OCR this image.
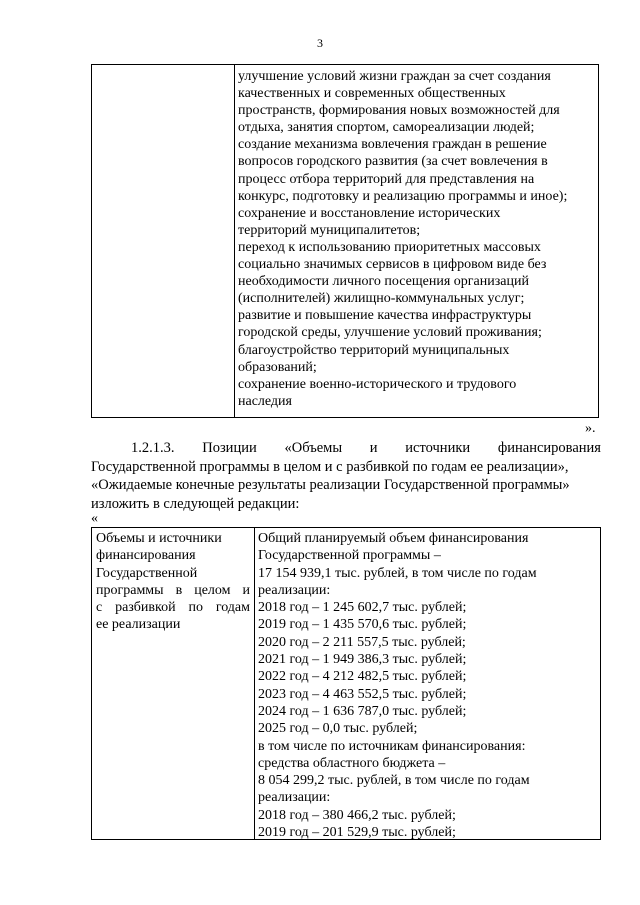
3
улучшение условий жизни граждан за счет создания
качественных и современных общественных
пространств, формирования новых возможностей для
отдыха, занятия спортом, самореализации людей;
создание механизма вовлечения граждан в решение
вопросов городского развития (за счет вовлечения в
процесс отбора территорий для представления на
конкурс, подготовку и реализацию программы и иное);
сохранение и восстановление исторических
территорий муниципалитетов;
переход к использованию приоритетных массовых
социально значимых сервисов в цифровом виде без
необходимости личного посещения организаций
(исполнителей) жилищно-коммунальных услуг;
развитие и повышение качества инфраструктуры
городской среды, улучшение условий проживания;
благоустройство территорий муниципальных
образований;
сохранение военно-исторического и трудового
наследия
».
1.2.1.3. Позиции «Объемы и источники финансирования
Государственной программы в целом и с разбивкой по годам ее реализации»,
«Ожидаемые конечные результаты реализации Государственной программы»
изложить в следующей редакции:
«
Объемы и источники
финансирования
Государственной
программы в целом и
с разбивкой по годам
ее реализации
Общий планируемый объем финансирования
Государственной программы –
17 154 939,1 тыс. рублей, в том числе по годам
реализации:
2018 год – 1 245 602,7 тыс. рублей;
2019 год – 1 435 570,6 тыс. рублей;
2020 год – 2 211 557,5 тыс. рублей;
2021 год – 1 949 386,3 тыс. рублей;
2022 год – 4 212 482,5 тыс. рублей;
2023 год – 4 463 552,5 тыс. рублей;
2024 год – 1 636 787,0 тыс. рублей;
2025 год – 0,0 тыс. рублей;
в том числе по источникам финансирования:
средства областного бюджета –
8 054 299,2 тыс. рублей, в том числе по годам
реализации:
2018 год – 380 466,2 тыс. рублей;
2019 год – 201 529,9 тыс. рублей;
